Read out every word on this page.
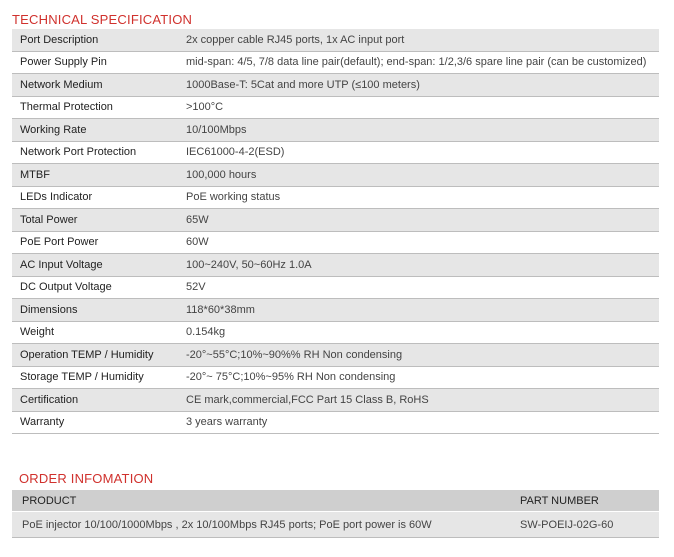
TECHNICAL SPECIFICATION
Port Description	2x copper cable RJ45 ports, 1x AC input port
Power Supply Pin	mid-span: 4/5, 7/8 data line pair(default); end-span: 1/2,3/6 spare line pair (can be customized)
Network Medium	1000Base-T: 5Cat and more UTP (≤100 meters)
Thermal Protection	>100°C
Working Rate	10/100Mbps
Network Port Protection	IEC61000-4-2(ESD)
MTBF	100,000 hours
LEDs Indicator	PoE working status
Total Power	65W
PoE Port Power	60W
AC Input Voltage	100~240V, 50~60Hz 1.0A
DC Output Voltage	52V
Dimensions	118*60*38mm
Weight	0.154kg
Operation TEMP / Humidity	-20°~55°C;10%~90%% RH Non condensing
Storage TEMP / Humidity	-20°~ 75°C;10%~95% RH Non condensing
Certification	CE mark,commercial,FCC Part 15 Class B, RoHS
Warranty	3 years warranty
ORDER INFOMATION
PRODUCT	PART NUMBER
PoE injector 10/100/1000Mbps , 2x 10/100Mbps RJ45 ports; PoE port power is 60W	SW-POEIJ-02G-60
